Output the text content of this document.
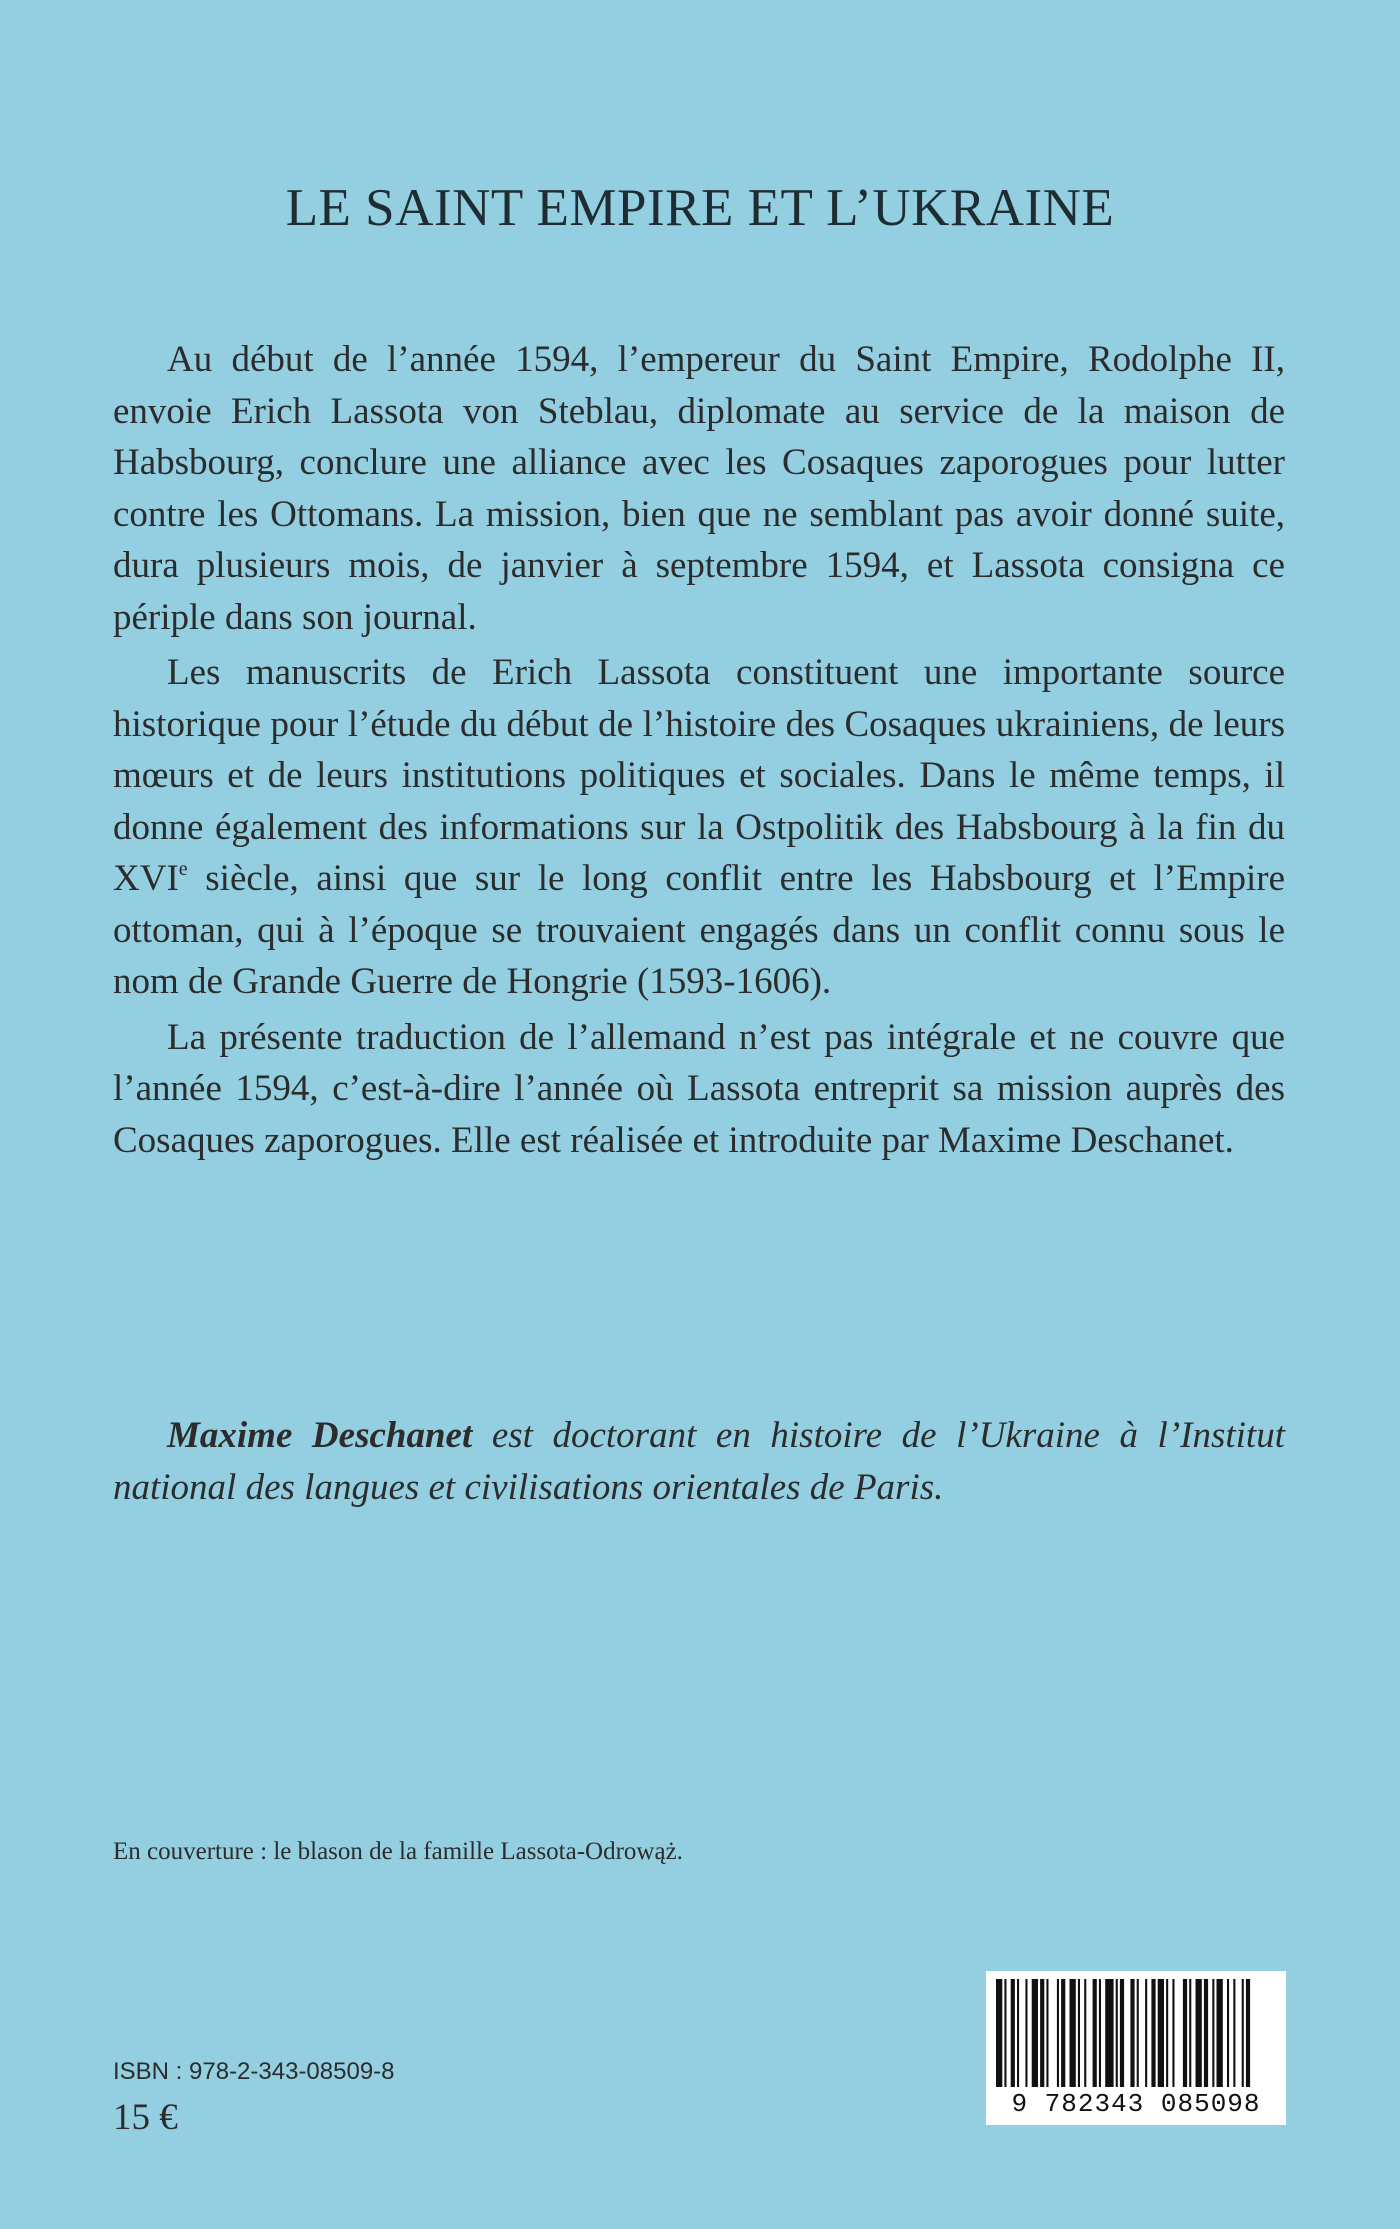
LE SAINT EMPIRE ET L’UKRAINE

Au début de l’année 1594, l’empereur du Saint Empire, Rodolphe II, envoie Erich Lassota von Steblau, diplomate au service de la maison de Habsbourg, conclure une alliance avec les Cosaques zaporogues pour lutter contre les Ottomans. La mission, bien que ne semblant pas avoir donné suite, dura plusieurs mois, de janvier à septembre 1594, et Lassota consigna ce périple dans son journal.

Les manuscrits de Erich Lassota constituent une importante source historique pour l’étude du début de l’histoire des Cosaques ukrainiens, de leurs mœurs et de leurs institutions politiques et sociales. Dans le même temps, il donne également des informations sur la Ostpolitik des Habsbourg à la fin du XVIe siècle, ainsi que sur le long conflit entre les Habsbourg et l’Empire ottoman, qui à l’époque se trouvaient engagés dans un conflit connu sous le nom de Grande Guerre de Hongrie (1593-1606).

La présente traduction de l’allemand n’est pas intégrale et ne couvre que l’année 1594, c’est-à-dire l’année où Lassota entreprit sa mission auprès des Cosaques zaporogues. Elle est réalisée et introduite par Maxime Deschanet.

Maxime Deschanet est doctorant en histoire de l’Ukraine à l’Institut national des langues et civilisations orientales de Paris.

En couverture : le blason de la famille Lassota-Odrowąż.

ISBN : 978-2-343-08509-8

15 €	9 782343 085098
